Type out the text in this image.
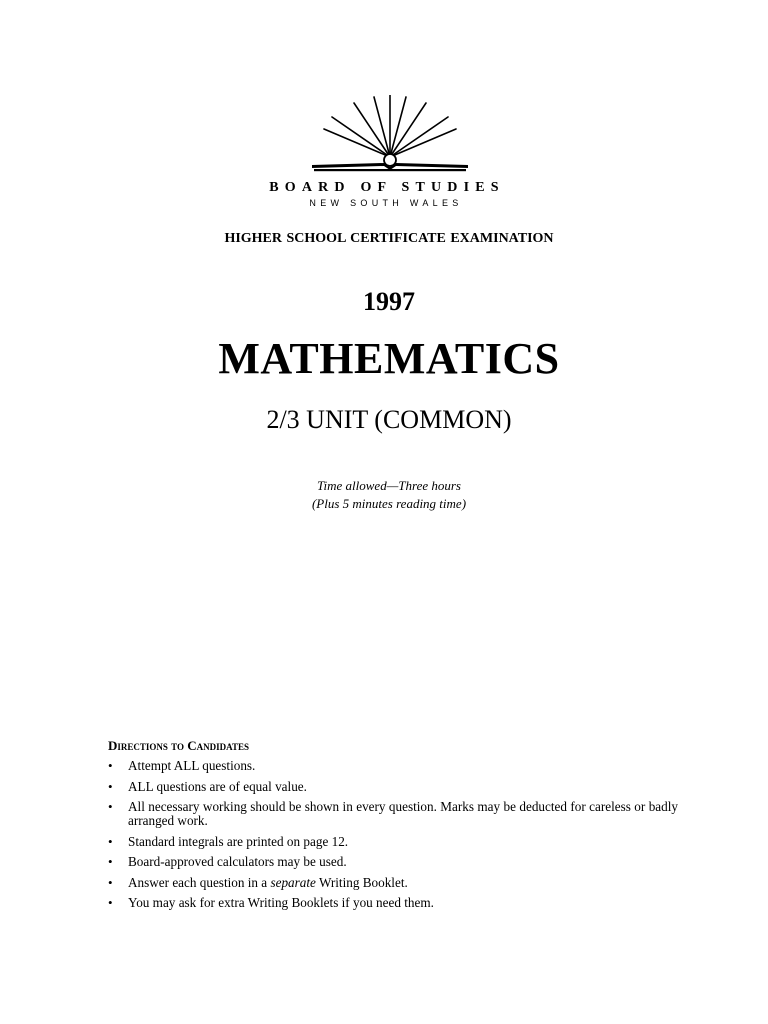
BOARD OF STUDIES
NEW SOUTH WALES
HIGHER SCHOOL CERTIFICATE EXAMINATION
1997
MATHEMATICS
2/3 UNIT (COMMON)
Time allowed—Three hours
(Plus 5 minutes reading time)
Directions to Candidates
• Attempt ALL questions.
• ALL questions are of equal value.
• All necessary working should be shown in every question. Marks may be deducted for careless or badly arranged work.
• Standard integrals are printed on page 12.
• Board-approved calculators may be used.
• Answer each question in a separate Writing Booklet.
• You may ask for extra Writing Booklets if you need them.
